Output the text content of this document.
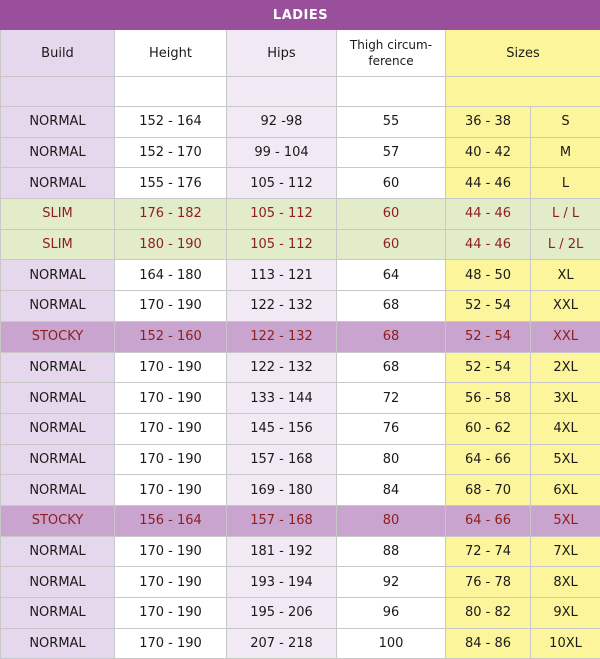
LADIES					
Build	Height	Hips	Thigh circum-
ference	Sizes	

NORMAL	152 - 164	92 -98	55	36 - 38	S
NORMAL	152 - 170	99 - 104	57	40 - 42	M
NORMAL	155 - 176	105 - 112	60	44 - 46	L
SLIM	176 - 182	105 - 112	60	44 - 46	L / L
SLIM	180 - 190	105 - 112	60	44 - 46	L / 2L
NORMAL	164 - 180	113 - 121	64	48 - 50	XL
NORMAL	170 - 190	122 - 132	68	52 - 54	XXL
STOCKY	152 - 160	122 - 132	68	52 - 54	XXL
NORMAL	170 - 190	122 - 132	68	52 - 54	2XL
NORMAL	170 - 190	133 - 144	72	56 - 58	3XL
NORMAL	170 - 190	145 - 156	76	60 - 62	4XL
NORMAL	170 - 190	157 - 168	80	64 - 66	5XL
NORMAL	170 - 190	169 - 180	84	68 - 70	6XL
STOCKY	156 - 164	157 - 168	80	64 - 66	5XL
NORMAL	170 - 190	181 - 192	88	72 - 74	7XL
NORMAL	170 - 190	193 - 194	92	76 - 78	8XL
NORMAL	170 - 190	195 - 206	96	80 - 82	9XL
NORMAL	170 - 190	207 - 218	100	84 - 86	10XL
